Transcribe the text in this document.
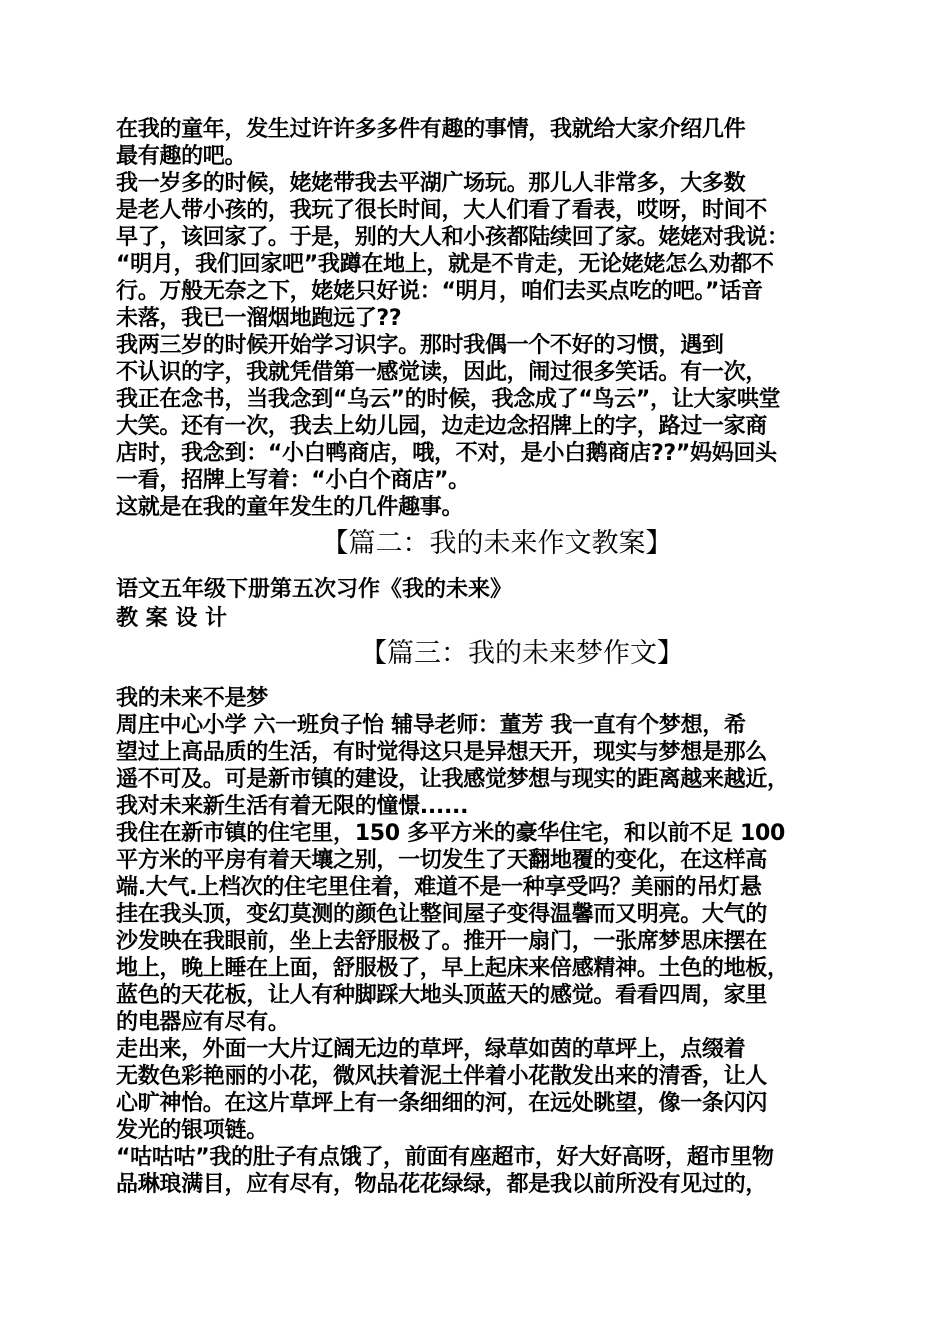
在我的童年，发生过许许多多件有趣的事情，我就给大家介绍几件
最有趣的吧。

我一岁多的时候，姥姥带我去平湖广场玩。那儿人非常多，大多数
是老人带小孩的，我玩了很长时间，大人们看了看表，哎呀，时间不
早了，该回家了。于是，别的大人和小孩都陆续回了家。姥姥对我说：
“明月，我们回家吧”我蹲在地上，就是不肯走，无论姥姥怎么劝都不
行。万般无奈之下，姥姥只好说：“明月，咱们去买点吃的吧。”话音
未落，我已一溜烟地跑远了??

我两三岁的时候开始学习识字。那时我偶一个不好的习惯，遇到
不认识的字，我就凭借第一感觉读，因此，闹过很多笑话。有一次，
我正在念书，当我念到“乌云”的时候，我念成了“鸟云”，让大家哄堂
大笑。还有一次，我去上幼儿园，边走边念招牌上的字，路过一家商
店时，我念到：“小白鸭商店，哦，不对，是小白鹅商店??”妈妈回头
一看，招牌上写着：“小白个商店”。

这就是在我的童年发生的几件趣事。

【篇二：我的未来作文教案】
语文五年级下册第五次习作《我的未来》
教 案 设 计
【篇三：我的未来梦作文】

我的未来不是梦

周庄中心小学 六一班贠子怡 辅导老师：董芳 我一直有个梦想，希
望过上高品质的生活，有时觉得这只是异想天开，现实与梦想是那么
遥不可及。可是新市镇的建设，让我感觉梦想与现实的距离越来越近，
我对未来新生活有着无限的憧憬......

我住在新市镇的住宅里，150 多平方米的豪华住宅，和以前不足 100
平方米的平房有着天壤之别，一切发生了天翻地覆的变化，在这样高
端.大气.上档次的住宅里住着，难道不是一种享受吗？美丽的吊灯悬
挂在我头顶，变幻莫测的颜色让整间屋子变得温馨而又明亮。大气的
沙发映在我眼前，坐上去舒服极了。推开一扇门，一张席梦思床摆在
地上，晚上睡在上面，舒服极了，早上起床来倍感精神。土色的地板，
蓝色的天花板，让人有种脚踩大地头顶蓝天的感觉。看看四周，家里
的电器应有尽有。

走出来，外面一大片辽阔无边的草坪，绿草如茵的草坪上，点缀着
无数色彩艳丽的小花，微风扶着泥土伴着小花散发出来的清香，让人
心旷神怡。在这片草坪上有一条细细的河，在远处眺望，像一条闪闪
发光的银项链。

“咕咕咕”我的肚子有点饿了，前面有座超市，好大好高呀，超市里物
品琳琅满目，应有尽有，物品花花绿绿，都是我以前所没有见过的，
